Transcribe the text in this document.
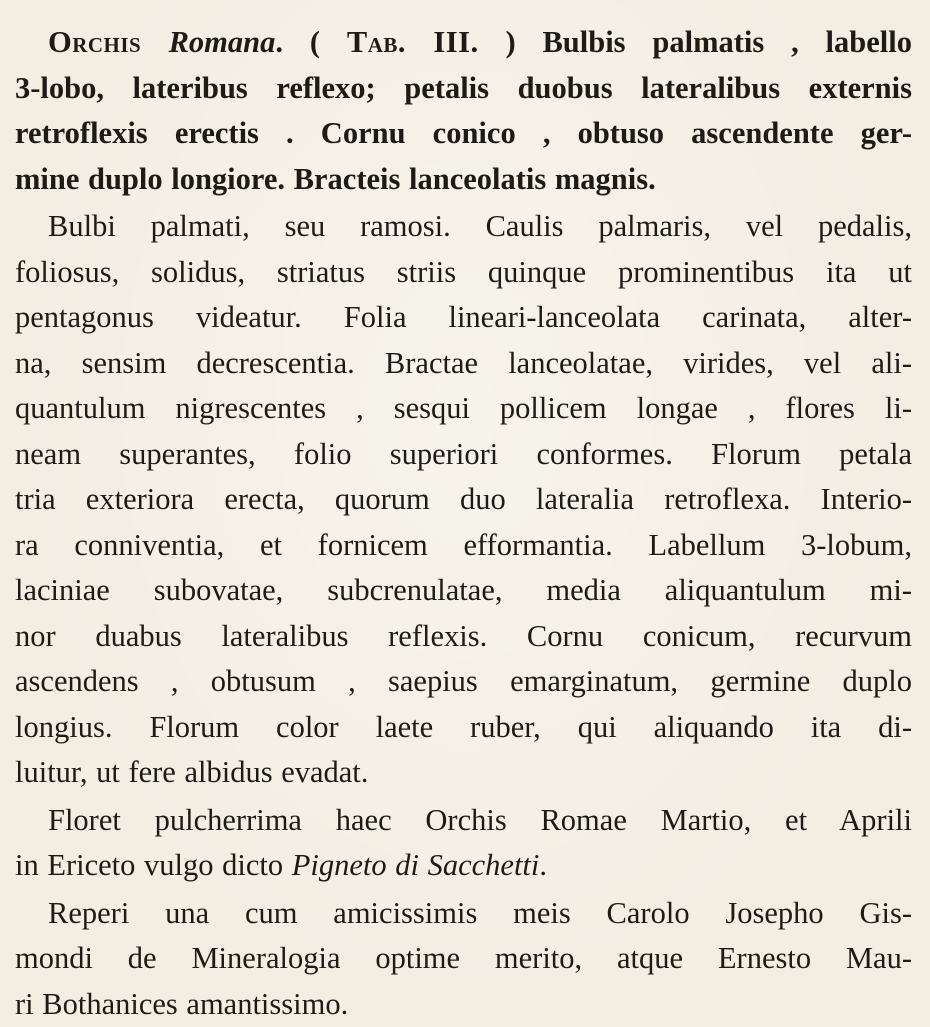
Orchis Romana. ( Tab. III. ) Bulbis palmatis , labello
3-lobo, lateribus reflexo; petalis duobus lateralibus externis
retroflexis erectis . Cornu conico , obtuso ascendente ger-
mine duplo longiore. Bracteis lanceolatis magnis.

Bulbi palmati, seu ramosi. Caulis palmaris, vel pedalis,
foliosus, solidus, striatus striis quinque prominentibus ita ut
pentagonus videatur. Folia lineari-lanceolata carinata, alter-
na, sensim decrescentia. Bractae lanceolatae, virides, vel ali-
quantulum nigrescentes , sesqui pollicem longae , flores li-
neam superantes, folio superiori conformes. Florum petala
tria exteriora erecta, quorum duo lateralia retroflexa. Interio-
ra conniventia, et fornicem efformantia. Labellum 3-lobum,
laciniae subovatae, subcrenulatae, media aliquantulum mi-
nor duabus lateralibus reflexis. Cornu conicum, recurvum
ascendens , obtusum , saepius emarginatum, germine duplo
longius. Florum color laete ruber, qui aliquando ita di-
luitur, ut fere albidus evadat.

Floret pulcherrima haec Orchis Romae Martio, et Aprili
in Ericeto vulgo dicto Pigneto di Sacchetti.

Reperi una cum amicissimis meis Carolo Josepho Gis-
mondi de Mineralogia optime merito, atque Ernesto Mau-
ri Bothanices amantissimo.
